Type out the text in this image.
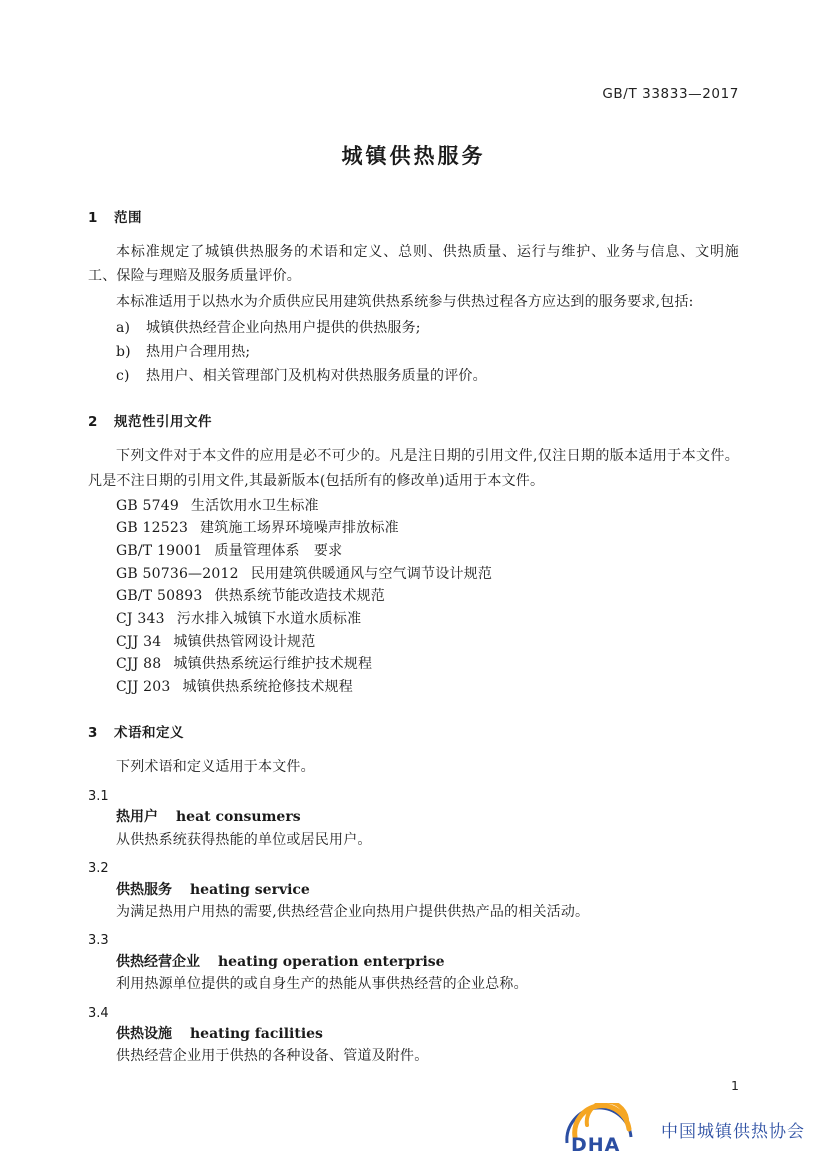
GB/T 33833—2017
城镇供热服务
1 范围

本标准规定了城镇供热服务的术语和定义、总则、供热质量、运行与维护、业务与信息、文明施工、保险与理赔及服务质量评价。

本标准适用于以热水为介质供应民用建筑供热系统参与供热过程各方应达到的服务要求,包括:

a) 城镇供热经营企业向热用户提供的供热服务;

b) 热用户合理用热;

c) 热用户、相关管理部门及机构对供热服务质量的评价。

2 规范性引用文件

下列文件对于本文件的应用是必不可少的。凡是注日期的引用文件,仅注日期的版本适用于本文件。凡是不注日期的引用文件,其最新版本(包括所有的修改单)适用于本文件。

GB 5749 生活饮用水卫生标准

GB 12523 建筑施工场界环境噪声排放标准

GB/T 19001 质量管理体系　要求

GB 50736—2012 民用建筑供暖通风与空气调节设计规范

GB/T 50893 供热系统节能改造技术规范

CJ 343 污水排入城镇下水道水质标准

CJJ 34 城镇供热管网设计规范

CJJ 88 城镇供热系统运行维护技术规程

CJJ 203 城镇供热系统抢修技术规程

3 术语和定义

下列术语和定义适用于本文件。

3.1

热用户 heat consumers

从供热系统获得热能的单位或居民用户。

3.2

供热服务 heating service

为满足热用户用热的需要,供热经营企业向热用户提供供热产品的相关活动。

3.3

供热经营企业 heating operation enterprise

利用热源单位提供的或自身生产的热能从事供热经营的企业总称。

3.4

供热设施 heating facilities

供热经营企业用于供热的各种设备、管道及附件。

1
DHA
中国城镇供热协会
